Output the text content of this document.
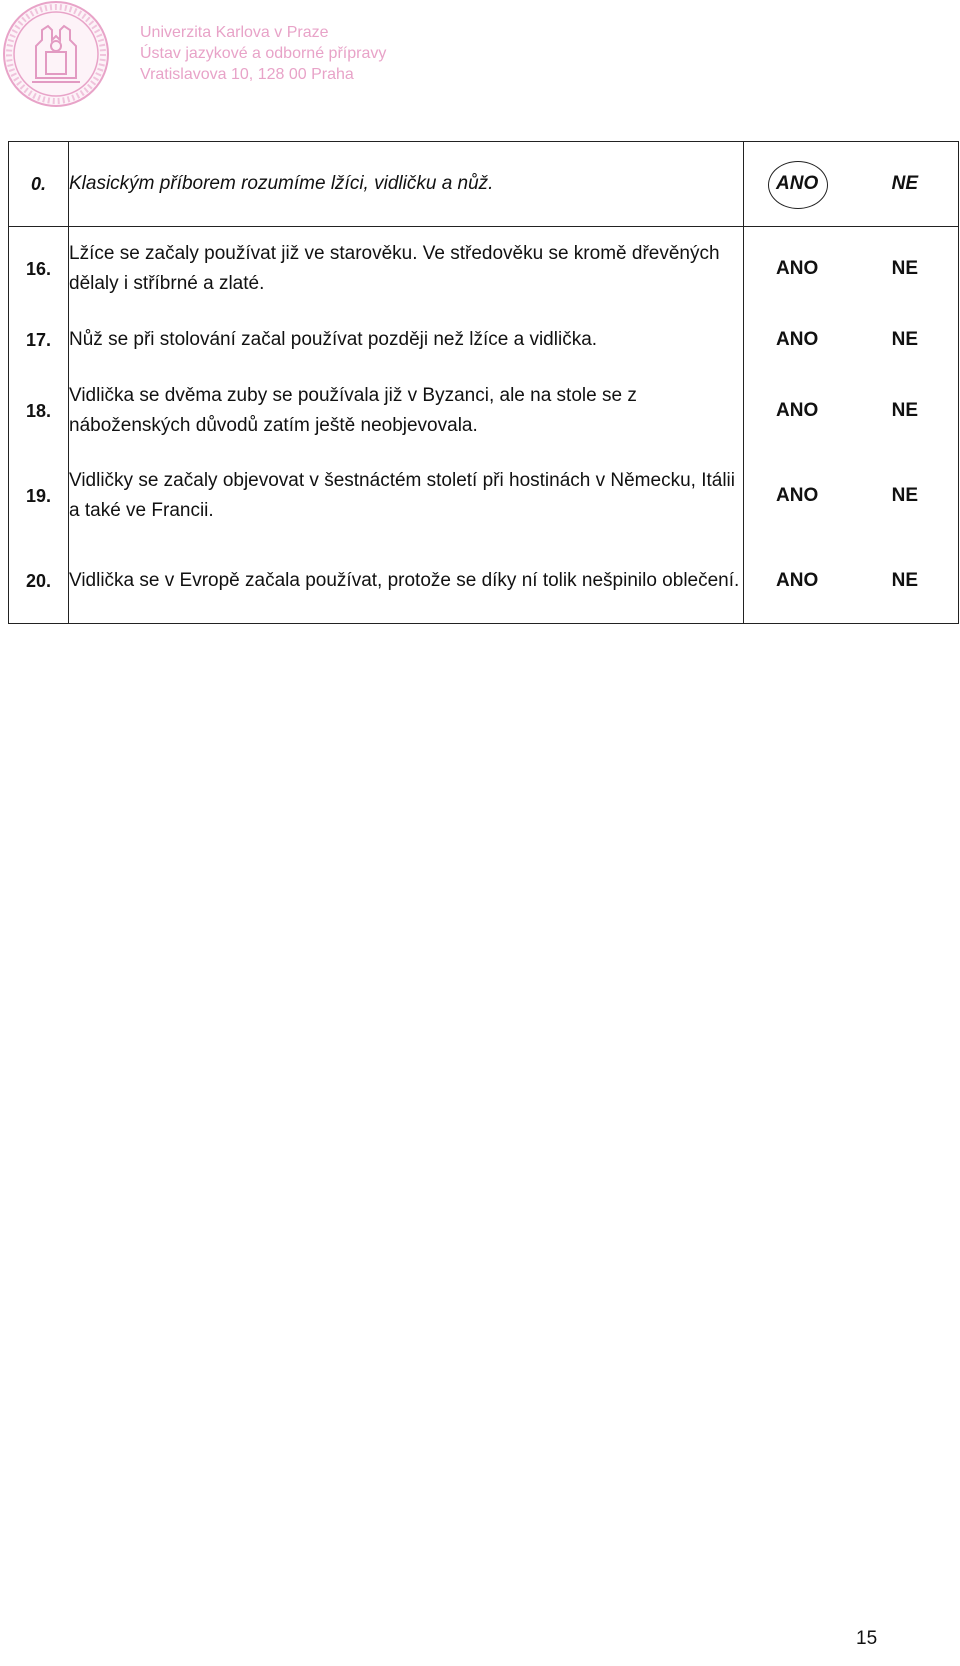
Univerzita Karlova v Praze
Ústav jazykové a odborné přípravy
Vratislavova 10, 128 00 Praha
0.	Klasickým příborem rozumíme lžíci, vidličku a nůž.	ANO NE

16.	Lžíce se začaly používat již ve starověku. Ve středověku se kromě dřevěných dělaly i stříbrné a zlaté.	ANO NE

17.	Nůž se při stolování začal používat později než lžíce a vidlička.	ANO NE

18.	Vidlička se dvěma zuby se používala již v Byzanci, ale na stole se z náboženských důvodů zatím ještě neobjevovala.	ANO NE

19.	Vidličky se začaly objevovat v šestnáctém století při hostinách v Německu, Itálii a také ve Francii.	ANO NE

20.	Vidlička se v Evropě začala používat, protože se díky ní tolik nešpinilo oblečení.	ANO NE
15
